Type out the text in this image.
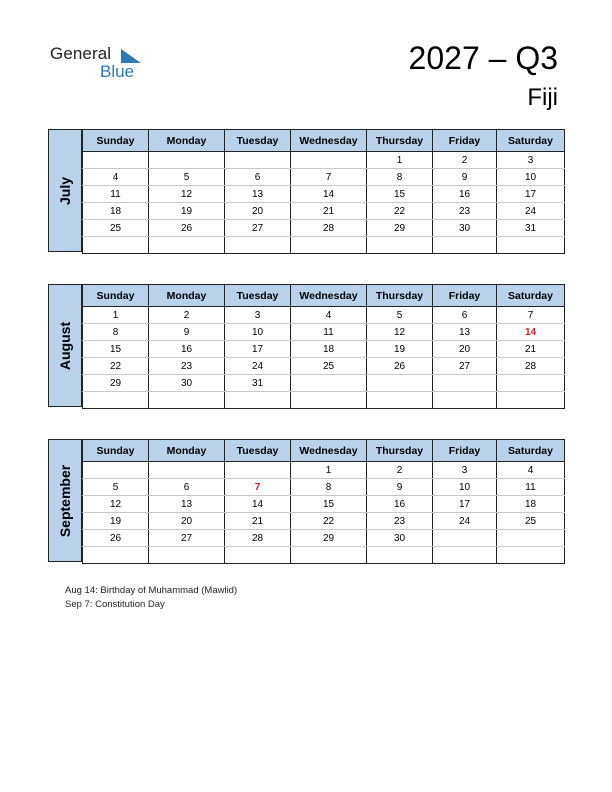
General
Blue	2027 – Q3
Fiji
July
Sunday	Monday	Tuesday	Wednesday	Thursday	Friday	Saturday
				1	2	3
4	5	6	7	8	9	10
11	12	13	14	15	16	17
18	19	20	21	22	23	24
25	26	27	28	29	30	31

August
Sunday	Monday	Tuesday	Wednesday	Thursday	Friday	Saturday
1	2	3	4	5	6	7
8	9	10	11	12	13	14
15	16	17	18	19	20	21
22	23	24	25	26	27	28
29	30	31				

September
Sunday	Monday	Tuesday	Wednesday	Thursday	Friday	Saturday
			1	2	3	4
5	6	7	8	9	10	11
12	13	14	15	16	17	18
19	20	21	22	23	24	25
26	27	28	29	30		

Aug 14: Birthday of Muhammad (Mawlid)
Sep 7: Constitution Day
